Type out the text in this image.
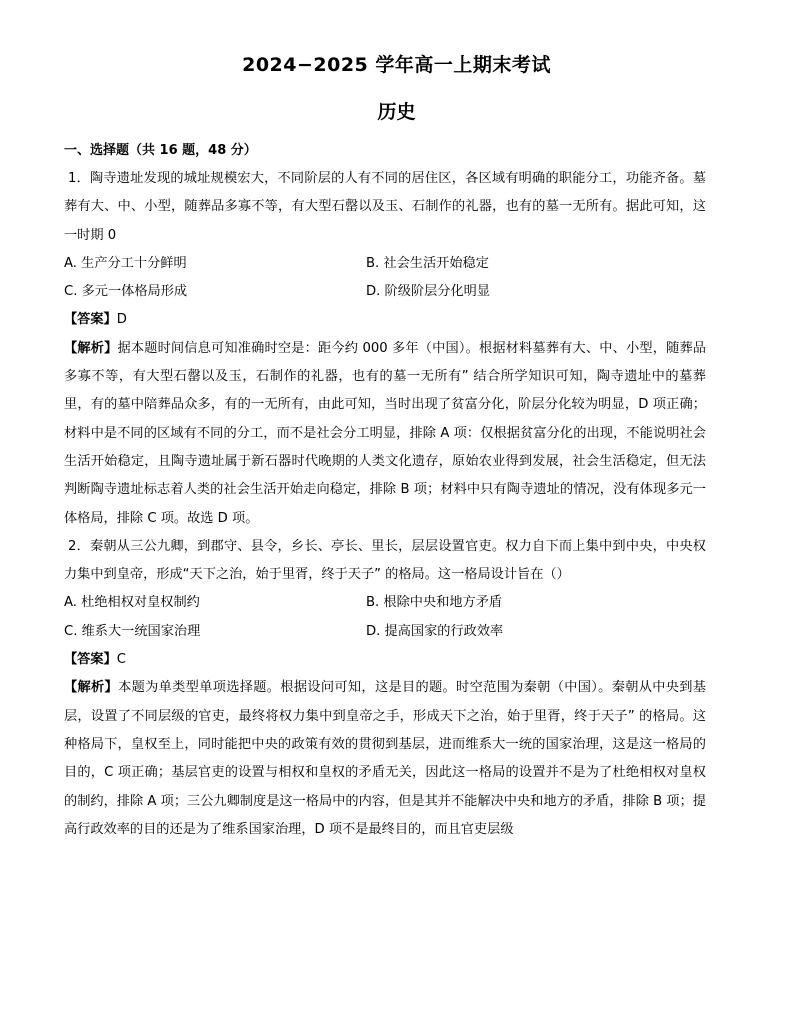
2024−2025 学年高一上期末考试
历史
一、选择题（共 16 题，48 分）

1．陶寺遗址发现的城址规模宏大，不同阶层的人有不同的居住区，各区域有明确的职能分工，功能齐备。墓葬有大、中、小型，随葬品多寡不等，有大型石罄以及玉、石制作的礼器，也有的墓一无所有。据此可知，这一时期 0

A. 生产分工十分鲜明	B. 社会生活开始稳定
C. 多元一体格局形成	D. 阶级阶层分化明显

【答案】D

【解析】据本题时间信息可知准确时空是：距今约 000 多年（中国）。根据材料墓葬有大、中、小型，随葬品多寡不等，有大型石罄以及玉，石制作的礼器，也有的墓一无所有” 结合所学知识可知，陶寺遗址中的墓葬里，有的墓中陪葬品众多，有的一无所有，由此可知，当时出现了贫富分化，阶层分化较为明显，D 项正确；材料中是不同的区域有不同的分工，而不是社会分工明显，排除 A 项：仅根据贫富分化的出现，不能说明社会生活开始稳定，且陶寺遗址属于新石器时代晚期的人类文化遗存，原始农业得到发展，社会生活稳定，但无法判断陶寺遗址标志着人类的社会生活开始走向稳定，排除 B 项；材料中只有陶寺遗址的情况，没有体现多元一体格局，排除 C 项。故选 D 项。

2．秦朝从三公九卿，到郡守、县令，乡长、亭长、里长，层层设置官吏。权力自下而上集中到中央，中央权力集中到皇帝，形成“天下之治，始于里胥，终于天子” 的格局。这一格局设计旨在（）

A. 杜绝相权对皇权制约	B. 根除中央和地方矛盾
C. 维系大一统国家治理	D. 提高国家的行政效率

【答案】C

【解析】本题为单类型单项选择题。根据设问可知，这是目的题。时空范围为秦朝（中国）。秦朝从中央到基层，设置了不同层级的官吏，最终将权力集中到皇帝之手，形成天下之治，始于里胥，终于天子” 的格局。这种格局下，皇权至上，同时能把中央的政策有效的贯彻到基层，进而维系大一统的国家治理，这是这一格局的目的，C 项正确；基层官吏的设置与相权和皇权的矛盾无关，因此这一格局的设置并不是为了杜绝相权对皇权的制约，排除 A 项；三公九卿制度是这一格局中的内容，但是其并不能解决中央和地方的矛盾，排除 B 项；提高行政效率的目的还是为了维系国家治理，D 项不是最终目的，而且官吏层级
